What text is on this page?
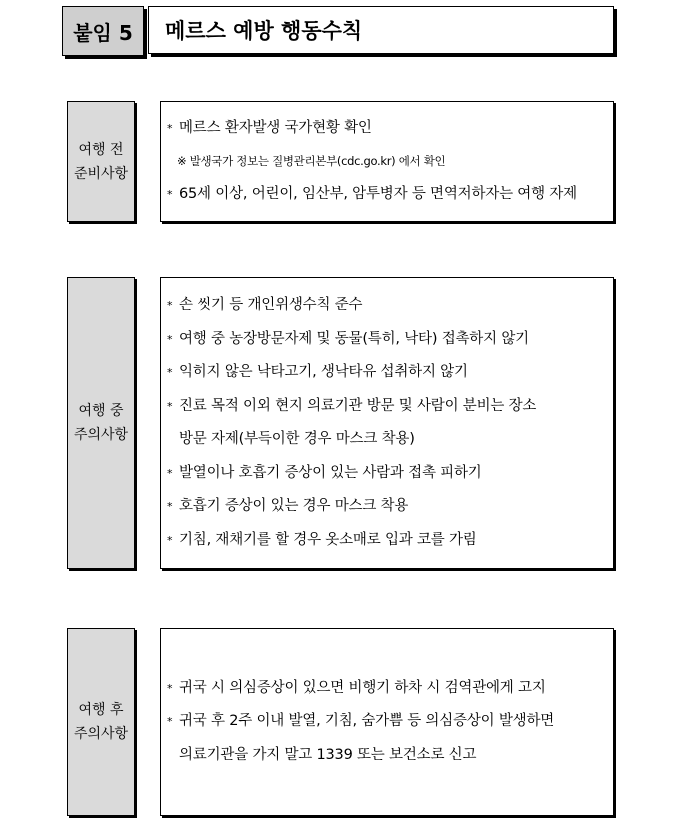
붙임 5	메르스 예방 행동수칙
여행 전
준비사항
* 메르스 환자발생 국가현황 확인
※ 발생국가 정보는 질병관리본부(cdc.go.kr) 에서 확인
* 65세 이상, 어린이, 임산부, 암투병자 등 면역저하자는 여행 자제
여행 중
주의사항
* 손 씻기 등 개인위생수칙 준수
* 여행 중 농장방문자제 및 동물(특히, 낙타) 접촉하지 않기
* 익히지 않은 낙타고기, 생낙타유 섭취하지 않기
* 진료 목적 이외 현지 의료기관 방문 및 사람이 분비는 장소
방문 자제(부득이한 경우 마스크 착용)
* 발열이나 호흡기 증상이 있는 사람과 접촉 피하기
* 호흡기 증상이 있는 경우 마스크 착용
* 기침, 재채기를 할 경우 옷소매로 입과 코를 가림
여행 후
주의사항
* 귀국 시 의심증상이 있으면 비행기 하차 시 검역관에게 고지
* 귀국 후 2주 이내 발열, 기침, 숨가쁨 등 의심증상이 발생하면
의료기관을 가지 말고 1339 또는 보건소로 신고
